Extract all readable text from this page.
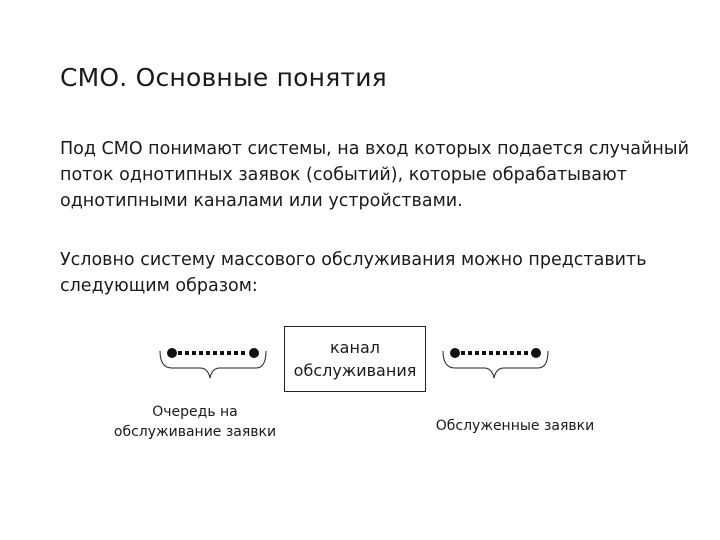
СМО. Основные понятия

Под СМО понимают системы, на вход которых подается случайный
поток однотипных заявок (событий), которые обрабатывают
однотипными каналами или устройствами.

Условно систему массового обслуживания можно представить
следующим образом:

канал
обслуживания
Очередь на
обслуживание заявки	Обслуженные заявки
